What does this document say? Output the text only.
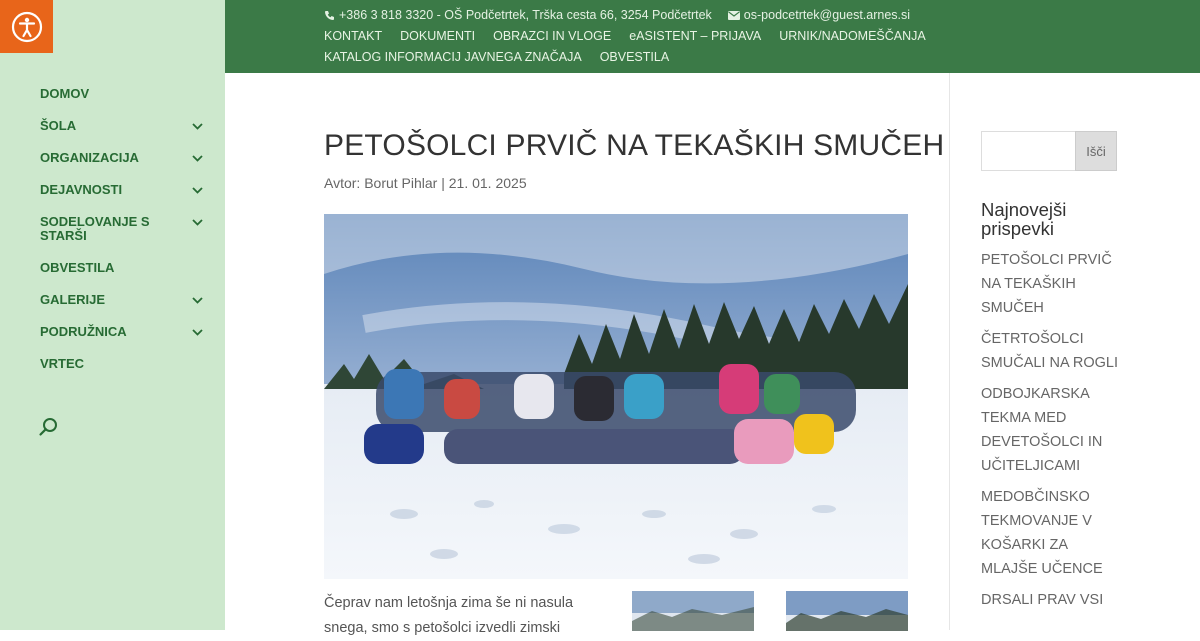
DOMOV
ŠOLA
ORGANIZACIJA
DEJAVNOSTI
SODELOVANJE S STARŠI
OBVESTILA
GALERIJE
PODRUŽNICA
VRTEC
+386 3 818 3320 - OŠ Podčetrtek, Trška cesta 66, 3254 Podčetrtek	os-podcetrtek@guest.arnes.si
KONTAKT DOKUMENTI OBRAZCI IN VLOGE eASISTENT – PRIJAVA URNIK/NADOMEŠČANJA
KATALOG INFORMACIJ JAVNEGA ZNAČAJA OBVESTILA
PETOŠOLCI PRVIČ NA TEKAŠKIH SMUČEH
Avtor: Borut Pihlar | 21. 01. 2025

Čeprav nam letošnja zima še ni nasula snega, smo s petošolci izvedli zimski

Išči
Najnovejši prispevki
PETOŠOLCI PRVIČ NA TEKAŠKIH SMUČEH
ČETRTOŠOLCI SMUČALI NA ROGLI
ODBOJKARSKA TEKMA MED DEVETOŠOLCI IN UČITELJICAMI
MEDOBČINSKO TEKMOVANJE V KOŠARKI ZA MLAJŠE UČENCE
DRSALI PRAV VSI
